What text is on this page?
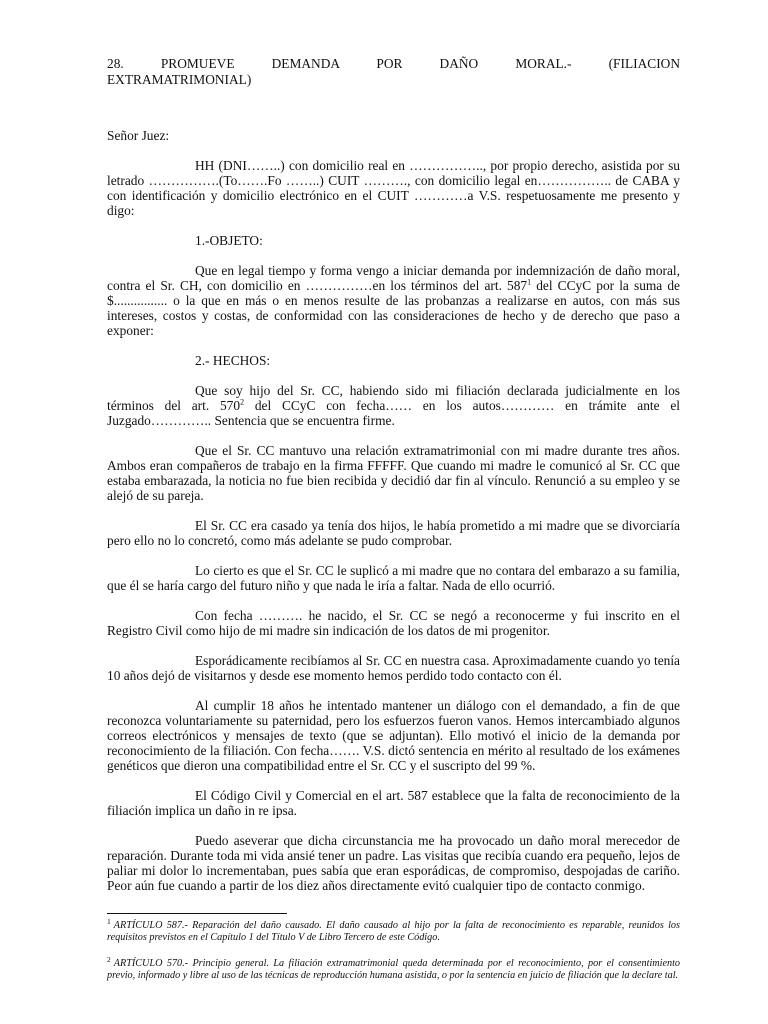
28. PROMUEVE DEMANDA POR DAÑO MORAL.- (FILIACION
EXTRAMATRIMONIAL)

Señor Juez:

HH (DNI……..) con domicilio real en …………….., por propio derecho, asistida por su letrado …………….(To…….Fo ……..) CUIT ………., con domicilio legal en…………….. de CABA y con identificación y domicilio electrónico en el CUIT …………a V.S. respetuosamente me presento y digo:

1.-OBJETO:

Que en legal tiempo y forma vengo a iniciar demanda por indemnización de daño moral, contra el Sr. CH, con domicilio en ……………en los términos del art. $587^1$ del CCyC por la suma de $................ o la que en más o en menos resulte de las probanzas a realizarse en autos, con más sus intereses, costos y costas, de conformidad con las consideraciones de hecho y de derecho que paso a exponer:

2.- HECHOS:

Que soy hijo del Sr. CC, habiendo sido mi filiación declarada judicialmente en los términos del art. $570^2$ del CCyC con fecha…… en los autos………… en trámite ante el Juzgado………….. Sentencia que se encuentra firme.

Que el Sr. CC mantuvo una relación extramatrimonial con mi madre durante tres años. Ambos eran compañeros de trabajo en la firma FFFFF. Que cuando mi madre le comunicó al Sr. CC que estaba embarazada, la noticia no fue bien recibida y decidió dar fin al vínculo. Renunció a su empleo y se alejó de su pareja.

El Sr. CC era casado ya tenía dos hijos, le había prometido a mi madre que se divorciaría pero ello no lo concretó, como más adelante se pudo comprobar.

Lo cierto es que el Sr. CC le suplicó a mi madre que no contara del embarazo a su familia, que él se haría cargo del futuro niño y que nada le iría a faltar. Nada de ello ocurrió.

Con fecha ………. he nacido, el Sr. CC se negó a reconocerme y fui inscrito en el Registro Civil como hijo de mi madre sin indicación de los datos de mi progenitor.

Esporádicamente recibíamos al Sr. CC en nuestra casa. Aproximadamente cuando yo tenía 10 años dejó de visitarnos y desde ese momento hemos perdido todo contacto con él.

Al cumplir 18 años he intentado mantener un diálogo con el demandado, a fin de que reconozca voluntariamente su paternidad, pero los esfuerzos fueron vanos. Hemos intercambiado algunos correos electrónicos y mensajes de texto (que se adjuntan). Ello motivó el inicio de la demanda por reconocimiento de la filiación. Con fecha……. V.S. dictó sentencia en mérito al resultado de los exámenes genéticos que dieron una compatibilidad entre el Sr. CC y el suscripto del 99 %.

El Código Civil y Comercial en el art. 587 establece que la falta de reconocimiento de la filiación implica un daño in re ipsa.

Puedo aseverar que dicha circunstancia me ha provocado un daño moral merecedor de reparación. Durante toda mi vida ansié tener un padre. Las visitas que recibía cuando era pequeño, lejos de paliar mi dolor lo incrementaban, pues sabía que eran esporádicas, de compromiso, despojadas de cariño. Peor aún fue cuando a partir de los diez años directamente evitó cualquier tipo de contacto conmigo.

$^1$ ARTÍCULO 587.- Reparación del daño causado. El daño causado al hijo por la falta de reconocimiento es reparable, reunidos los requisitos previstos en el Capítulo 1 del Título V de Libro Tercero de este Código.
$^2$ ARTÍCULO 570.- Principio general. La filiación extramatrimonial queda determinada por el reconocimiento, por el consentimiento previo, informado y libre al uso de las técnicas de reproducción humana asistida, o por la sentencia en juicio de filiación que la declare tal.
